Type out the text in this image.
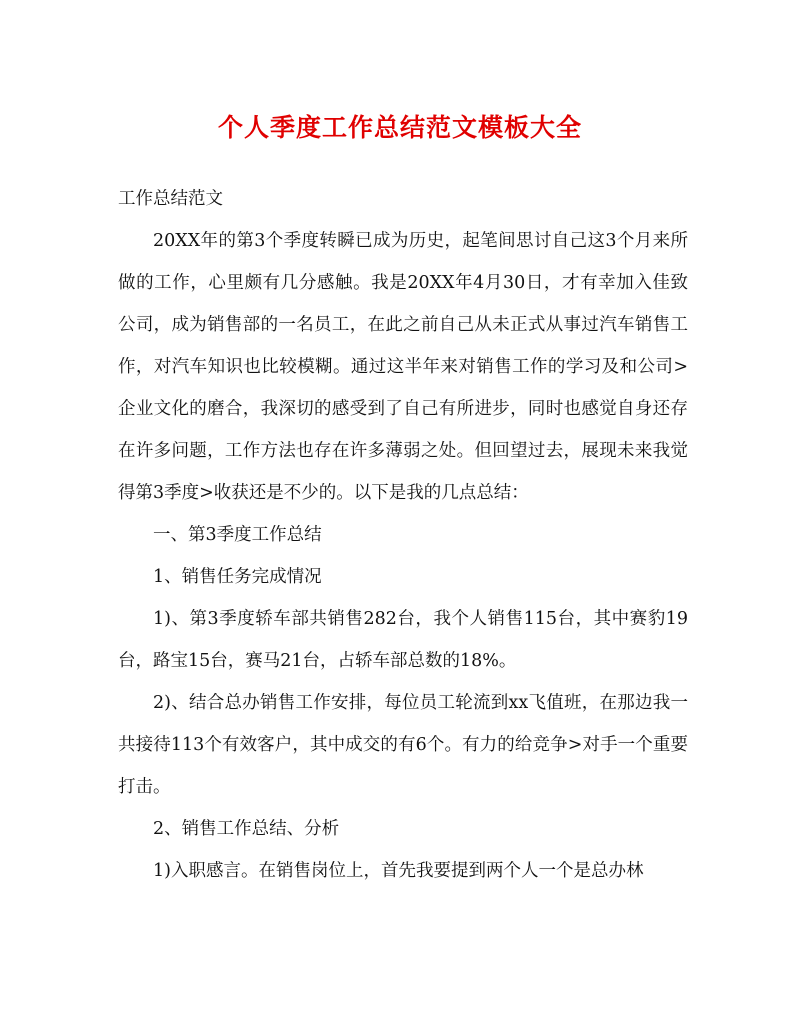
个人季度工作总结范文模板大全

工作总结范文

20XX年的第3个季度转瞬已成为历史，起笔间思讨自己这3个月来所做的工作，心里颇有几分感触。我是20XX年4月30日，才有幸加入佳致公司，成为销售部的一名员工，在此之前自己从未正式从事过汽车销售工作，对汽车知识也比较模糊。通过这半年来对销售工作的学习及和公司>企业文化的磨合，我深切的感受到了自己有所进步，同时也感觉自身还存在许多问题，工作方法也存在许多薄弱之处。但回望过去，展现未来我觉得第3季度>收获还是不少的。以下是我的几点总结：

一、第3季度工作总结

1、销售任务完成情况

1)、第3季度轿车部共销售282台，我个人销售115台，其中赛豹19台，路宝15台，赛马21台，占轿车部总数的18%。

2)、结合总办销售工作安排，每位员工轮流到xx飞值班，在那边我一共接待113个有效客户，其中成交的有6个。有力的给竞争>对手一个重要打击。

2、销售工作总结、分析

1)入职感言。在销售岗位上，首先我要提到两个人一个是总办林
